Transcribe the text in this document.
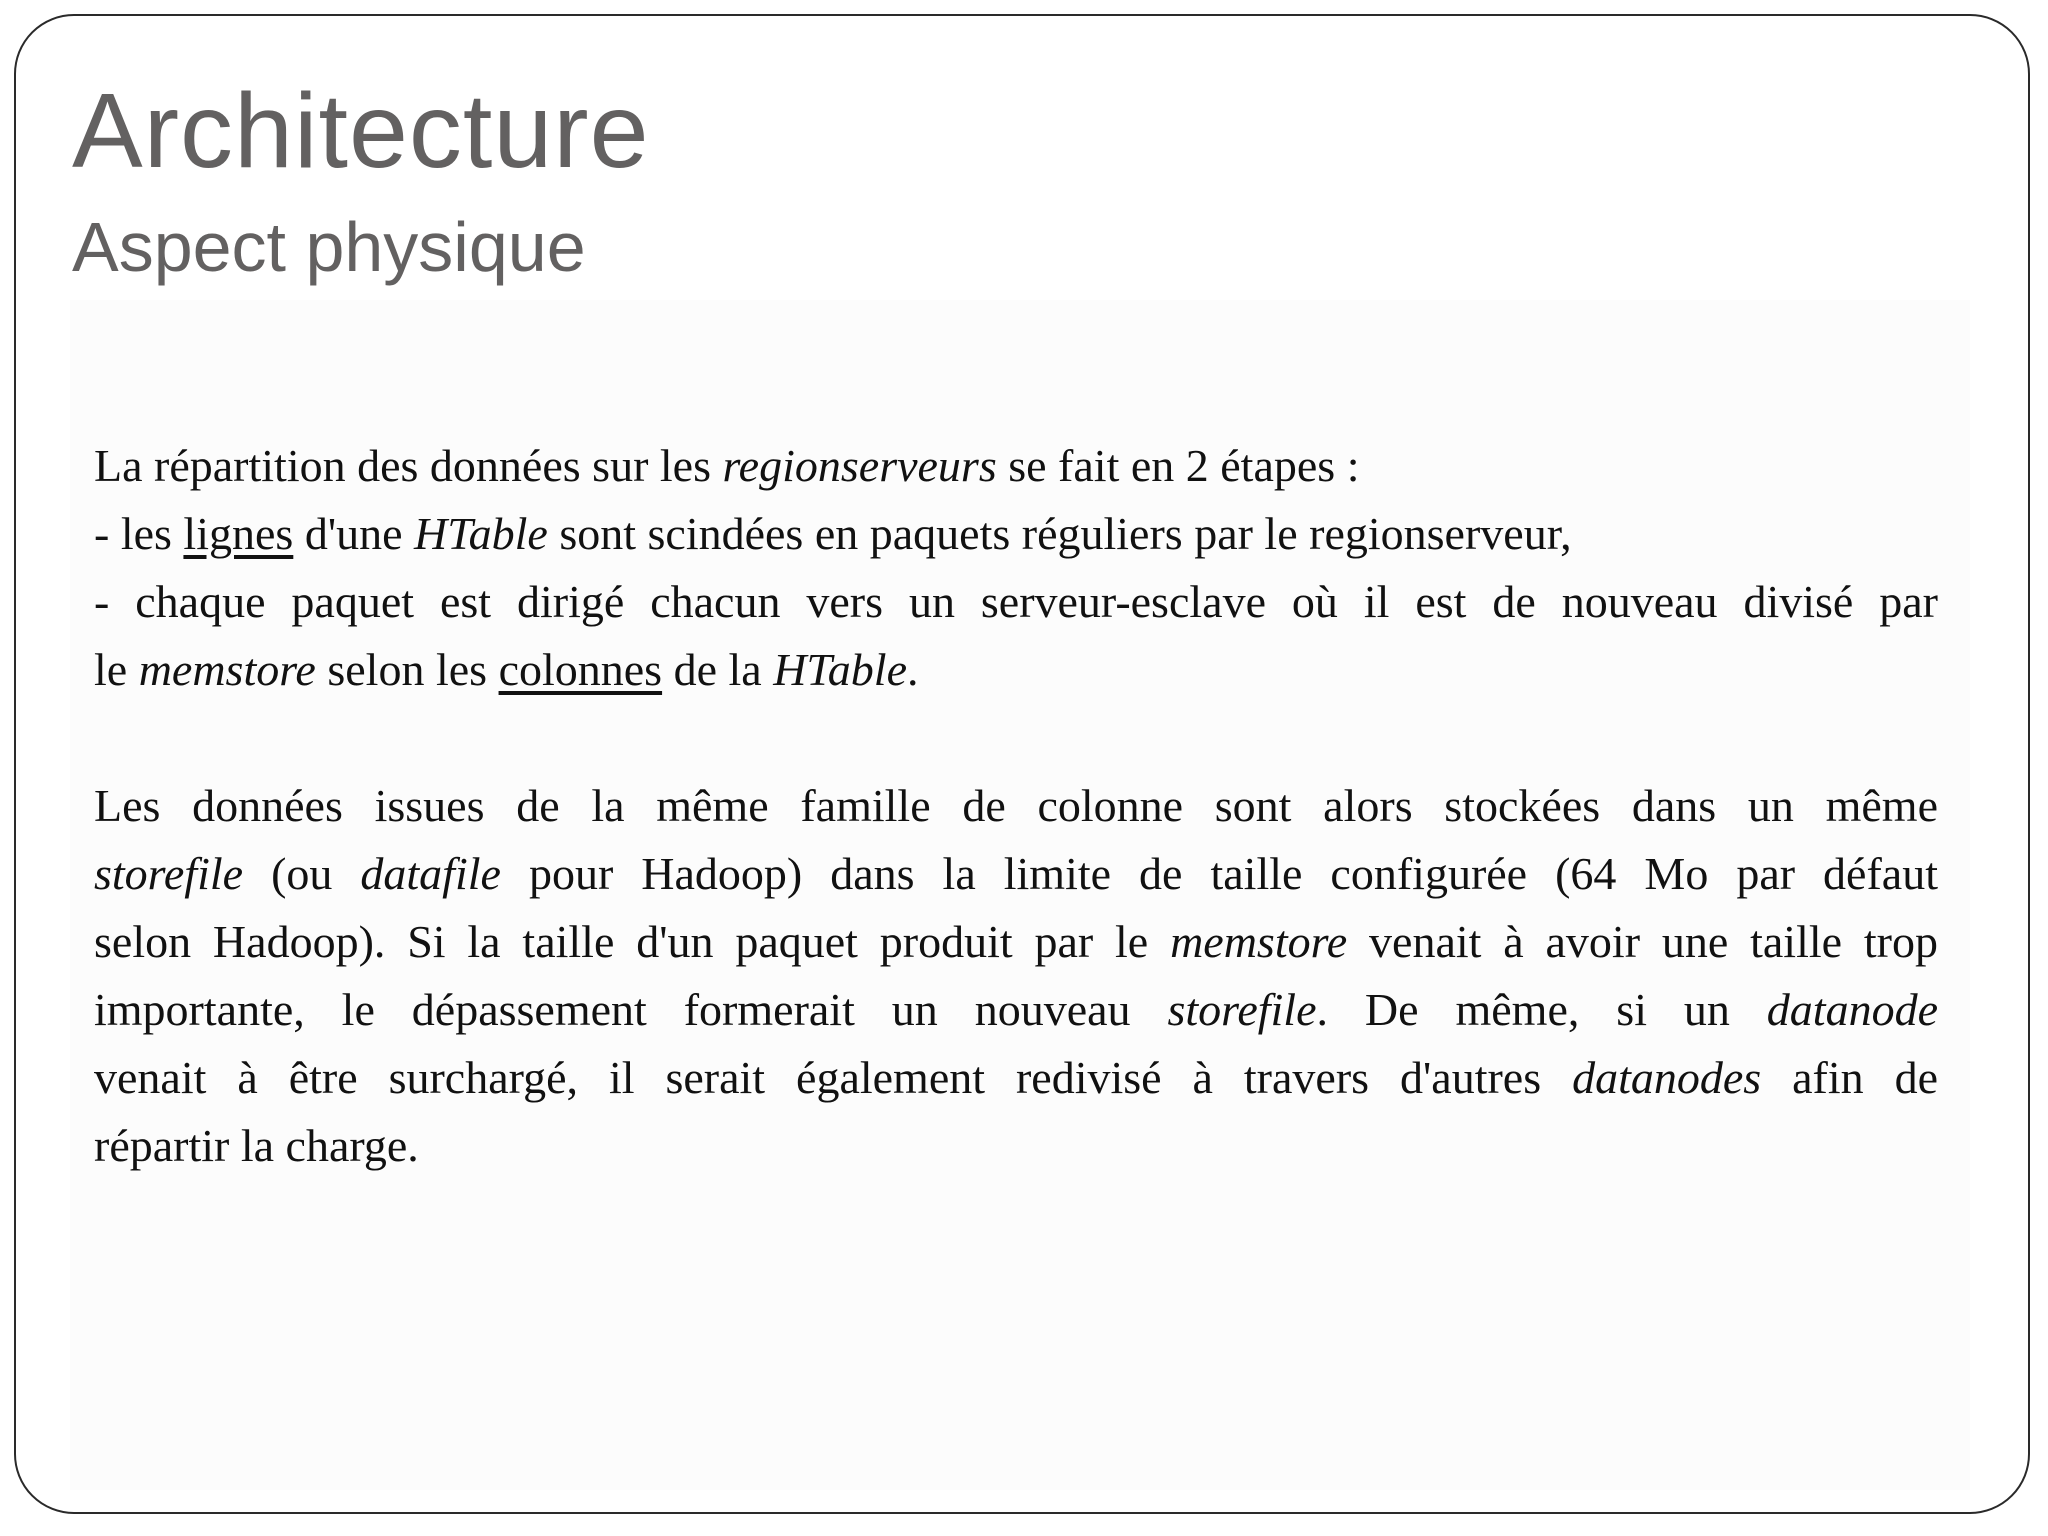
Architecture
Aspect physique

La répartition des données sur les regionserveurs se fait en 2 étapes :
- les lignes d'une HTable sont scindées en paquets réguliers par le regionserveur,
- chaque paquet est dirigé chacun vers un serveur-esclave où il est de nouveau divisé par
le memstore selon les colonnes de la HTable.

Les données issues de la même famille de colonne sont alors stockées dans un même
storefile (ou datafile pour Hadoop) dans la limite de taille configurée (64 Mo par défaut
selon Hadoop). Si la taille d'un paquet produit par le memstore venait à avoir une taille trop
importante, le dépassement formerait un nouveau storefile. De même, si un datanode
venait à être surchargé, il serait également redivisé à travers d'autres datanodes afin de
répartir la charge.
